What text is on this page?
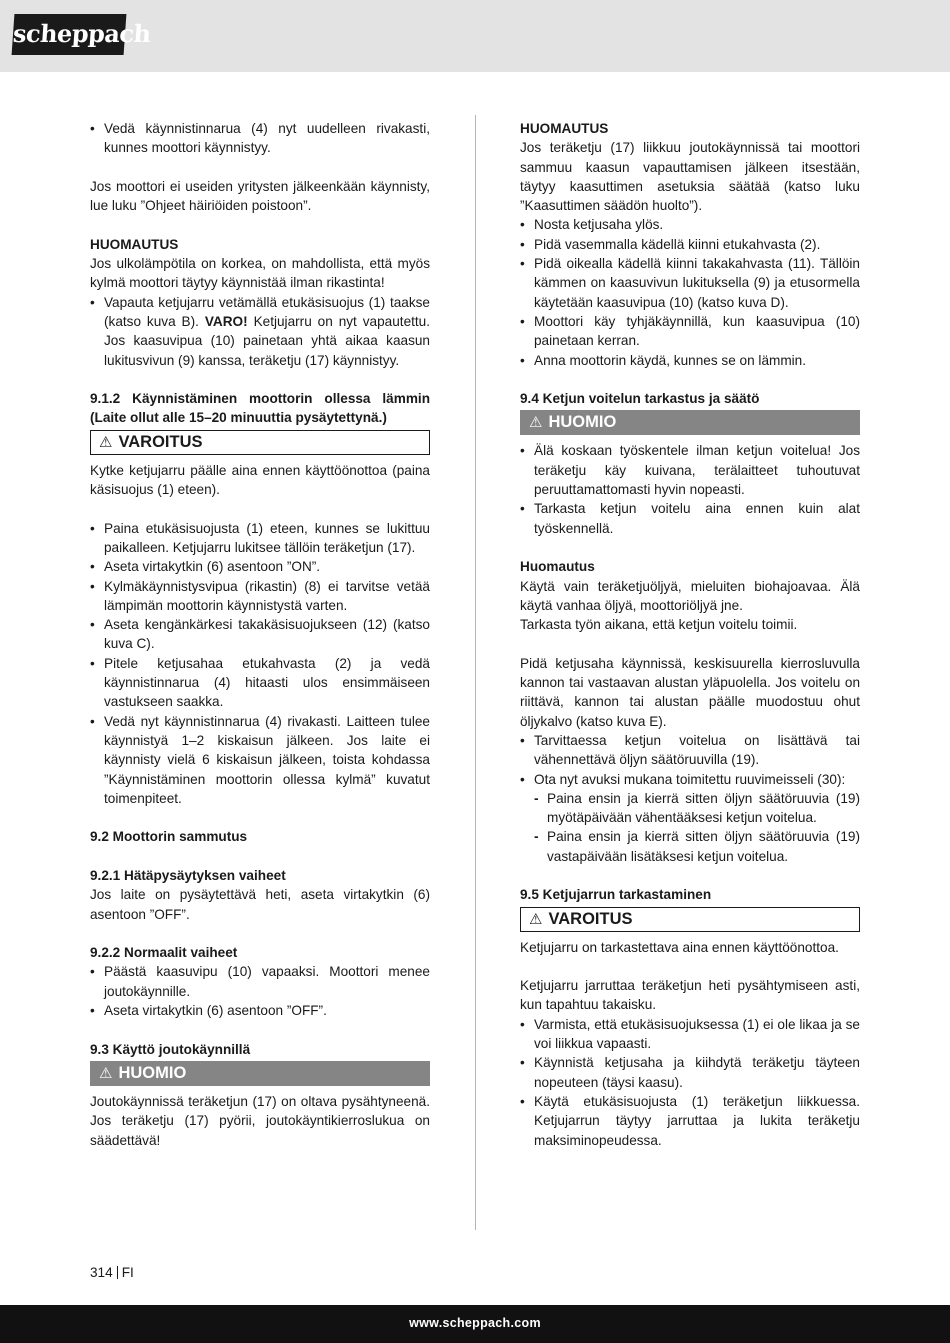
scheppach
• Vedä käynnistinnarua (4) nyt uudelleen rivakasti, kunnes moottori käynnistyy.

Jos moottori ei useiden yritysten jälkeenkään käynnisty, lue luku ”Ohjeet häiriöiden poistoon”.

HUOMAUTUS

Jos ulkolämpötila on korkea, on mahdollista, että myös kylmä moottori täytyy käynnistää ilman rikastinta!

• Vapauta ketjujarru vetämällä etukäsisuojus (1) taakse (katso kuva B). VARO! Ketjujarru on nyt vapautettu. Jos kaasuvipua (10) painetaan yhtä aikaa kaasun lukitusvivun (9) kanssa, teräketju (17) käynnistyy.

9.1.2 Käynnistäminen moottorin ollessa lämmin (Laite ollut alle 15–20 minuuttia pysäytettynä.)

⚠ VAROITUS

Kytke ketjujarru päälle aina ennen käyttöönottoa (paina käsisuojus (1) eteen).

• Paina etukäsisuojusta (1) eteen, kunnes se lukittuu paikalleen. Ketjujarru lukitsee tällöin teräketjun (17).
• Aseta virtakytkin (6) asentoon ”ON”.
• Kylmäkäynnistysvipua (rikastin) (8) ei tarvitse vetää lämpimän moottorin käynnistystä varten.
• Aseta kengänkärkesi takakäsisuojukseen (12) (katso kuva C).
• Pitele ketjusahaa etukahvasta (2) ja vedä käynnistinnarua (4) hitaasti ulos ensimmäiseen vastukseen saakka.
• Vedä nyt käynnistinnarua (4) rivakasti. Laitteen tulee käynnistyä 1–2 kiskaisun jälkeen. Jos laite ei käynnisty vielä 6 kiskaisun jälkeen, toista kohdassa ”Käynnistäminen moottorin ollessa kylmä” kuvatut toimenpiteet.

9.2 Moottorin sammutus

9.2.1 Hätäpysäytyksen vaiheet

Jos laite on pysäytettävä heti, aseta virtakytkin (6) asentoon ”OFF”.

9.2.2 Normaalit vaiheet

• Päästä kaasuvipu (10) vapaaksi. Moottori menee joutokäynnille.
• Aseta virtakytkin (6) asentoon ”OFF”.

9.3 Käyttö joutokäynnillä

⚠ HUOMIO

Joutokäynnissä teräketjun (17) on oltava pysähtyneenä. Jos teräketju (17) pyörii, joutokäyntikierroslukua on säädettävä!

HUOMAUTUS

Jos teräketju (17) liikkuu joutokäynnissä tai moottori sammuu kaasun vapauttamisen jälkeen itsestään, täytyy kaasuttimen asetuksia säätää (katso luku ”Kaasuttimen säädön huolto”).

• Nosta ketjusaha ylös.
• Pidä vasemmalla kädellä kiinni etukahvasta (2).
• Pidä oikealla kädellä kiinni takakahvasta (11). Tällöin kämmen on kaasuvivun lukituksella (9) ja etusormella käytetään kaasuvipua (10) (katso kuva D).
• Moottori käy tyhjäkäynnillä, kun kaasuvipua (10) painetaan kerran.
• Anna moottorin käydä, kunnes se on lämmin.

9.4 Ketjun voitelun tarkastus ja säätö

⚠ HUOMIO
• Älä koskaan työskentele ilman ketjun voitelua! Jos teräketju käy kuivana, terälaitteet tuhoutuvat peruuttamattomasti hyvin nopeasti.
• Tarkasta ketjun voitelu aina ennen kuin alat työskennellä.

Huomautus

Käytä vain teräketjuöljyä, mieluiten biohajoavaa. Älä käytä vanhaa öljyä, moottoriöljyä jne.

Tarkasta työn aikana, että ketjun voitelu toimii.

Pidä ketjusaha käynnissä, keskisuurella kierrosluvulla kannon tai vastaavan alustan yläpuolella. Jos voitelu on riittävä, kannon tai alustan päälle muodostuu ohut öljykalvo (katso kuva E).

• Tarvittaessa ketjun voitelua on lisättävä tai vähennettävä öljyn säätöruuvilla (19).
• Ota nyt avuksi mukana toimitettu ruuvimeisseli (30):
- Paina ensin ja kierrä sitten öljyn säätöruuvia (19) myötäpäivään vähentääksesi ketjun voitelua.
- Paina ensin ja kierrä sitten öljyn säätöruuvia (19) vastapäivään lisätäksesi ketjun voitelua.

9.5 Ketjujarrun tarkastaminen

⚠ VAROITUS

Ketjujarru on tarkastettava aina ennen käyttöönottoa.

Ketjujarru jarruttaa teräketjun heti pysähtymiseen asti, kun tapahtuu takaisku.

• Varmista, että etukäsisuojuksessa (1) ei ole likaa ja se voi liikkua vapaasti.
• Käynnistä ketjusaha ja kiihdytä teräketju täyteen nopeuteen (täysi kaasu).
• Käytä etukäsisuojusta (1) teräketjun liikkuessa. Ketjujarrun täytyy jarruttaa ja lukita teräketju maksiminopeudessa.
314 FI
www.scheppach.com
